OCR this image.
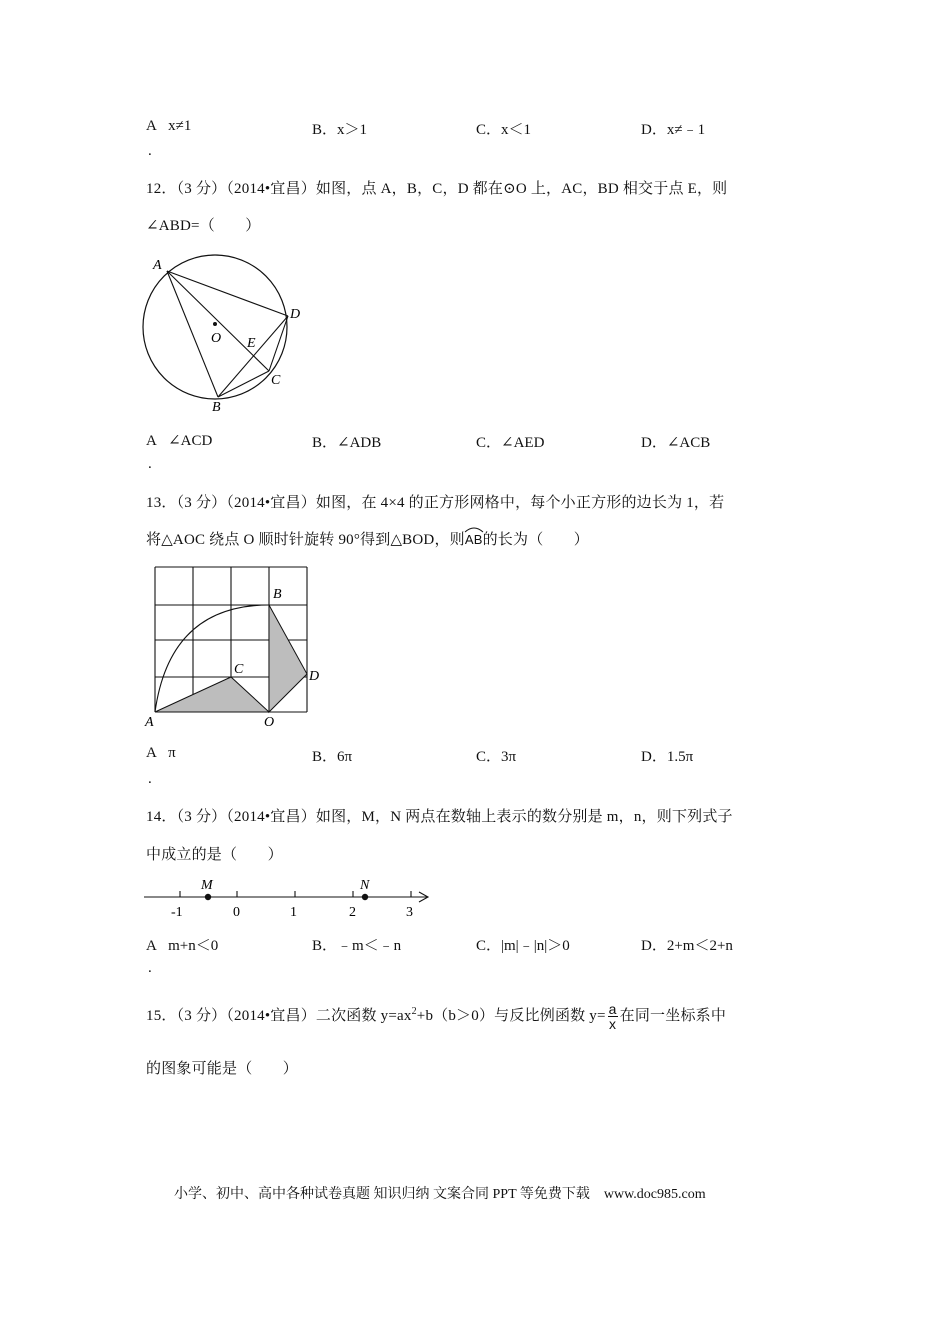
A x≠1	B．x＞1	C．x＜1	D．x≠﹣1
.
12．（3 分）（2014•宜昌）如图，点 A，B，C，D 都在⊙O 上，AC，BD 相交于点 E，则
∠ABD=（　　）
A
D
O E
C
B
A ∠ACD	B．∠ADB	C．∠AED	D．∠ACB
.
13．（3 分）（2014•宜昌）如图，在 4×4 的正方形网格中，每个小正方形的边长为 1，若
将△AOC 绕点 O 顺时针旋转 90°得到△BOD，则
AB的长为（　　）
A
B
C	D
O
A π	B．6π	C．3π	D．1.5π
.
14．（3 分）（2014•宜昌）如图，M，N 两点在数轴上表示的数分别是 m，n，则下列式子
中成立的是（　　）
M	N
-1	0	1	2	3
A m+n＜0	B．﹣m＜﹣n	C．|m|﹣|n|＞0	D．2+m＜2+n
.
15．（3 分）（2014•宜昌）二次函数 $y=ax^2+b(b>0)$与反比例函数 $y= \frac{a}{x}$ 在同一坐标系中
的图象可能是（　　）
小学、初中、高中各种试卷真题 知识归纳 文案合同 PPT 等免费下载　www.doc985.com
